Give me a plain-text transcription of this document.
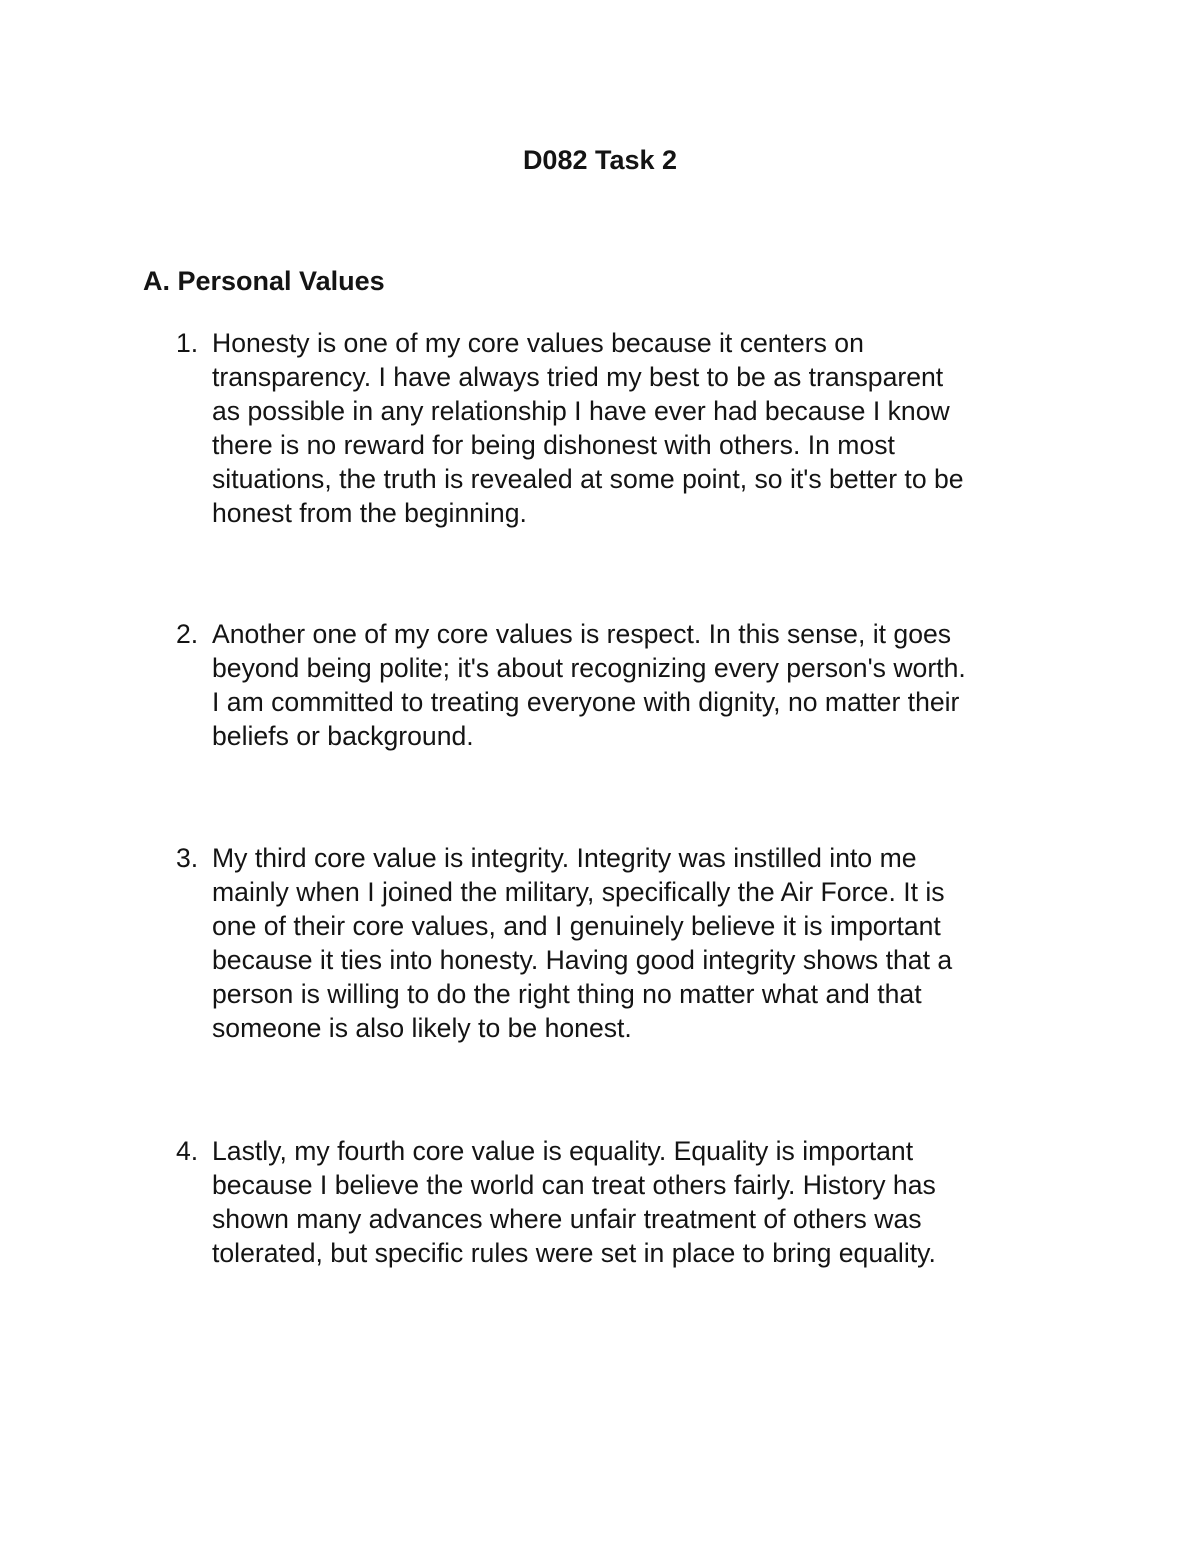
D082 Task 2
A. Personal Values
1. Honesty is one of my core values because it centers on
transparency. I have always tried my best to be as transparent
as possible in any relationship I have ever had because I know
there is no reward for being dishonest with others. In most
situations, the truth is revealed at some point, so it's better to be
honest from the beginning.
2. Another one of my core values is respect. In this sense, it goes
beyond being polite; it's about recognizing every person's worth.
I am committed to treating everyone with dignity, no matter their
beliefs or background.
3. My third core value is integrity. Integrity was instilled into me
mainly when I joined the military, specifically the Air Force. It is
one of their core values, and I genuinely believe it is important
because it ties into honesty. Having good integrity shows that a
person is willing to do the right thing no matter what and that
someone is also likely to be honest.
4. Lastly, my fourth core value is equality. Equality is important
because I believe the world can treat others fairly. History has
shown many advances where unfair treatment of others was
tolerated, but specific rules were set in place to bring equality.
